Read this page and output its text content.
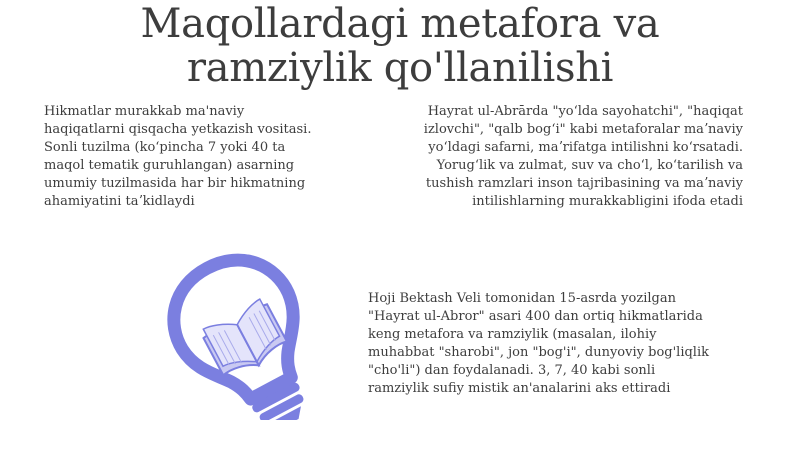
Maqollardagi metafora va
ramziylik qo'llanilishi

Hikmatlar murakkab ma'naviy
haqiqatlarni qisqacha yetkazish vositasi.
Sonli tuzilma (koʻpincha 7 yoki 40 ta
maqol tematik guruhlangan) asarning
umumiy tuzilmasida har bir hikmatning
ahamiyatini taʼkidlaydi

Hayrat ul-Abrārda "yoʻlda sayohatchi", "haqiqat
izlovchi", "qalb bogʻi" kabi metaforalar maʼnaviy
yoʻldagi safarni, maʼrifatga intilishni koʻrsatadi.
Yorugʻlik va zulmat, suv va choʻl, koʻtarilish va
tushish ramzlari inson tajribasining va maʼnaviy
intilishlarning murakkabligini ifoda etadi

Hoji Bektash Veli tomonidan 15-asrda yozilgan
"Hayrat ul-Abror" asari 400 dan ortiq hikmatlarida
keng metafora va ramziylik (masalan, ilohiy
muhabbat "sharobi", jon "bog'i", dunyoviy bog'liqlik
"cho'li") dan foydalanadi. 3, 7, 40 kabi sonli
ramziylik sufiy mistik an'analarini aks ettiradi
